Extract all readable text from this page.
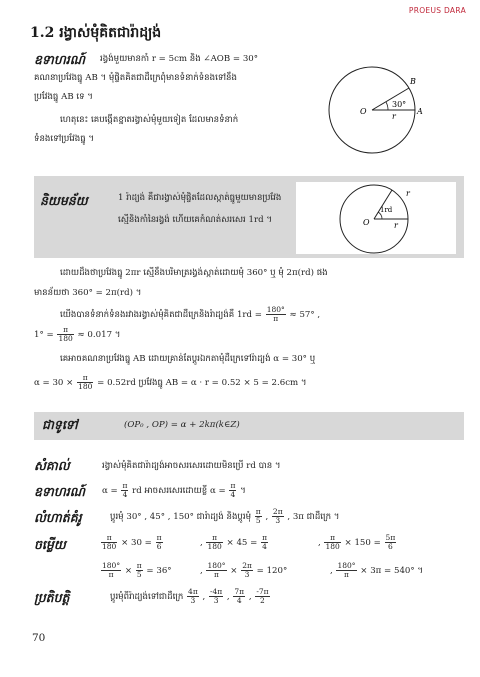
PROEUS DARA
1.2 រង្វាស់មុំគិតជារ៉ាដ្យង់
ឧទាហរណ៍ រង្វង់មួយមានកាំ r = 5cm និង ∠AOB = 30°
គណនាប្រវែងធ្នូ AB ។ មុំផ្ចិតគិតជាដឺក្រេពុំមានទំនាក់ទំនងទៅនឹង
ប្រវែងធ្នូ AB ទេ ។
ហេតុនេះ គេបង្កើតខ្នាតរង្វាស់មុំមួយទៀត ដែលមានទំនាក់
ទំនងទៅប្រវែងធ្នូ ។
30°
B
A
O
r
និយមន័យ	1 រ៉ាដ្យង់ គឺជារង្វាស់មុំផ្ចិតដែលស្កាត់ធ្នូមួយមានប្រវែង
ស្មើនិងកាំនៃរង្វង់ ហើយគេកំណត់សរសេរ 1rd ។
1rd
O	r
r
ដោយដឹងថាប្រវែងធ្នូ 2πr ស្មើនឹងបរិមាត្ររង្វង់ស្កាត់ដោយមុំ 360° ឬ មុំ 2π(rd) ផង
មានន័យថា 360° = 2π(rd) ។
យើងបានទំនាក់ទំនងរវាងរង្វាស់មុំគិតជាដឺក្រេនិងរ៉ាដ្យង់គឺ $1rd = \frac{180^\circ}{\pi} \approx 57^\circ$ ,
$1^\circ = \frac{\pi}{180} \approx 0.017$ ។
គេអាចគណនាប្រវែងធ្នូ AB ដោយគ្រាន់តែប្តូរឯកតាមុំដឺក្រេទៅរ៉ាដ្យង់ α = 30° ឬ
$\alpha = 30 \times \frac{\pi}{180} = 0.52rd$ ប្រវែងធ្នូ AB = α · r = 0.52 × 5 = 2.6cm ។
ជាទូទៅ	(OP₀ , OP) = α + 2kπ(k∈Z)
សំគាល់	រង្វាស់មុំគិតជារ៉ាដ្យង់អាចសរសេរដោយមិនប្រើ rd បាន ។
ឧទាហរណ៍ $\alpha = \frac{\pi}{4}$ rd អាចសរសេរដោយខ្លី $\alpha = \frac{\pi}{4}$ ។
លំហាត់គំរូ	ប្តូរមុំ 30° , 45° , 150° ជារ៉ាដ្យង់ និងប្តូរមុំ $\frac{\pi}{5}$ , $\frac{2\pi}{3}$ , 3π ជាដឺក្រេ ។
ចម្លើយ	$\frac{\pi}{180} \times 30 = \frac{\pi}{6}$	, $\frac{\pi}{180} \times 45 = \frac{\pi}{4}$	, $\frac{\pi}{180} \times 150 = \frac{5\pi}{6}$
$\frac{180^\circ}{\pi} \times \frac{\pi}{5} = 36^\circ$	, $\frac{180^\circ}{\pi} \times \frac{2\pi}{3} = 120^\circ$	, $\frac{180^\circ}{\pi} \times 3\pi = 540^\circ$ ។
ប្រតិបត្តិ	ប្តូរមុំពីរ៉ាដ្យង់ទៅជាដឺក្រេ $\frac{4\pi}{3}$ , $\frac{-4\pi}{3}$ , $\frac{7\pi}{4}$ , $\frac{-7\pi}{2}$
70
